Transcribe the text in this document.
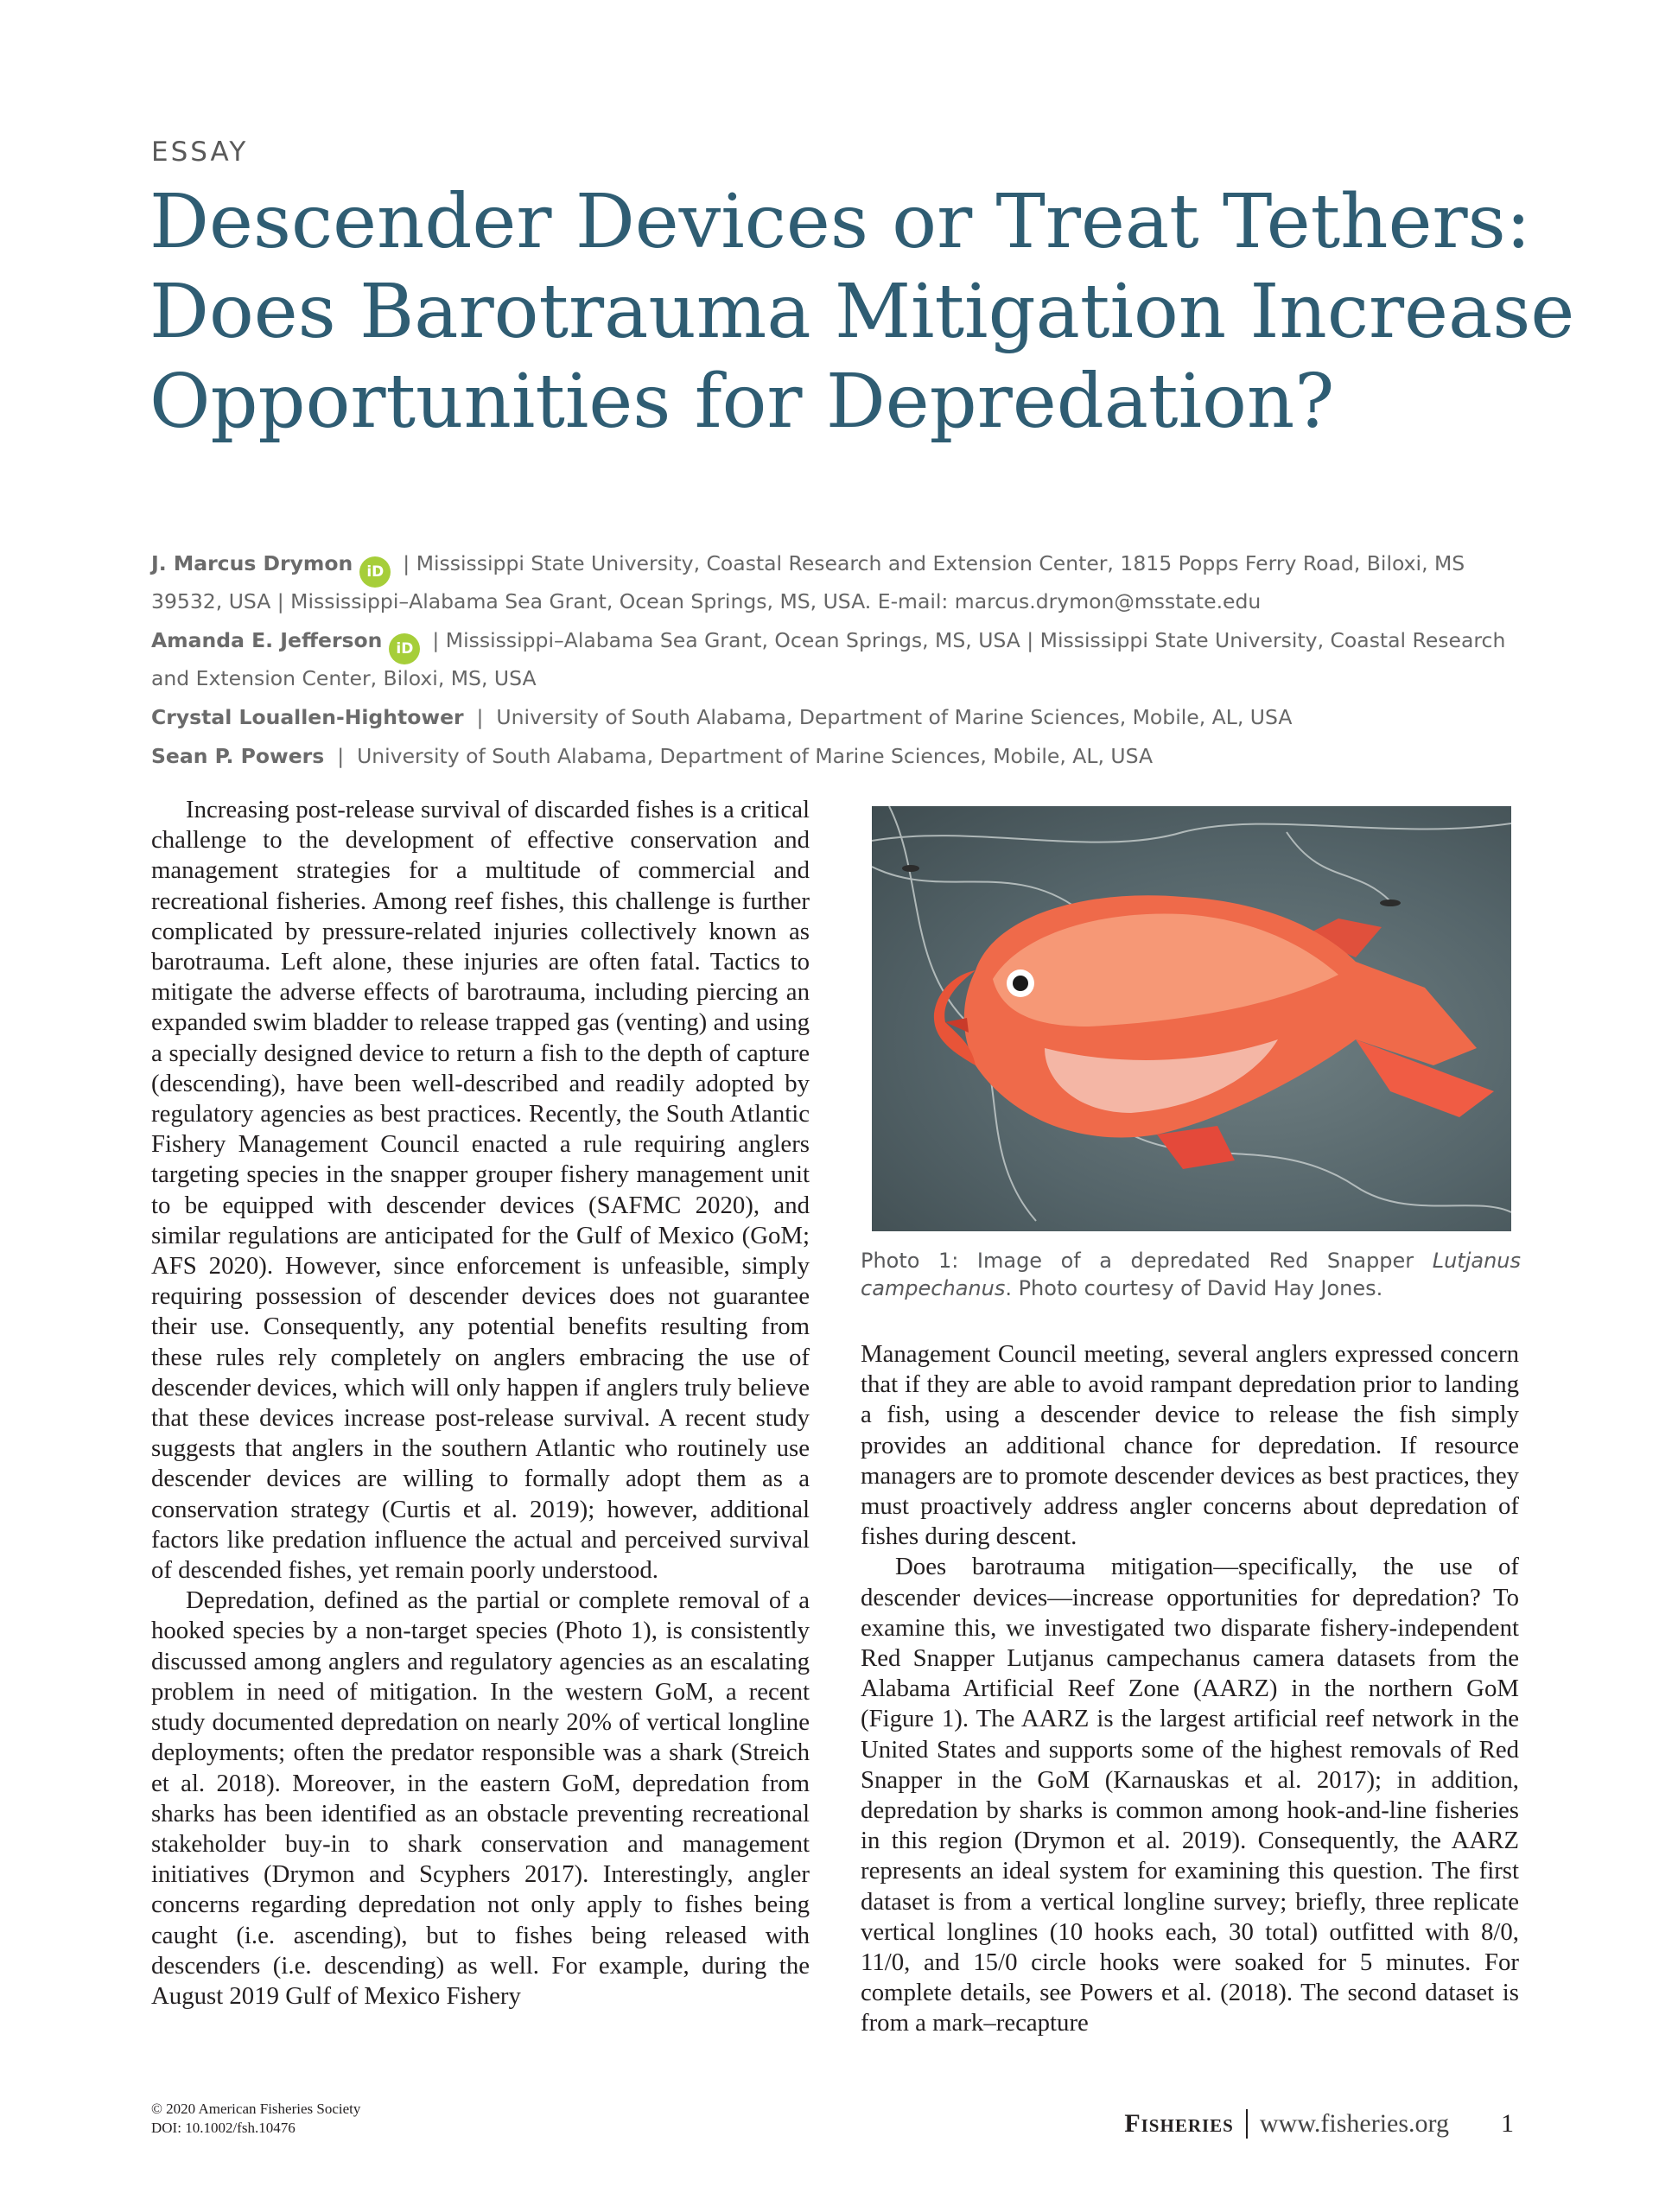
ESSAY
Descender Devices or Treat Tethers: Does Barotrauma Mitigation Increase Opportunities for Depredation?
J. Marcus Drymon iD | Mississippi State University, Coastal Research and Extension Center, 1815 Popps Ferry Road, Biloxi, MS 39532, USA | Mississippi–Alabama Sea Grant, Ocean Springs, MS, USA. E-mail: marcus.drymon@msstate.edu
Amanda E. Jefferson iD | Mississippi–Alabama Sea Grant, Ocean Springs, MS, USA | Mississippi State University, Coastal Research and Extension Center, Biloxi, MS, USA
Crystal Louallen-Hightower  |  University of South Alabama, Department of Marine Sciences, Mobile, AL, USA
Sean P. Powers  |  University of South Alabama, Department of Marine Sciences, Mobile, AL, USA

Increasing post-release survival of discarded fishes is a critical challenge to the development of effective conservation and management strategies for a multitude of commercial and recreational fisheries. Among reef fishes, this challenge is further complicated by pressure-related injuries collectively known as barotrauma. Left alone, these injuries are often fatal. Tactics to mitigate the adverse effects of barotrauma, including piercing an expanded swim bladder to release trapped gas (venting) and using a specially designed device to return a fish to the depth of capture (descending), have been well-described and readily adopted by regulatory agencies as best practices. Recently, the South Atlantic Fishery Management Council enacted a rule requiring anglers targeting species in the snapper grouper fishery management unit to be equipped with descender devices (SAFMC 2020), and similar regulations are anticipated for the Gulf of Mexico (GoM; AFS 2020). However, since enforcement is unfeasible, simply requiring possession of descender devices does not guarantee their use. Consequently, any potential benefits resulting from these rules rely completely on anglers embracing the use of descender devices, which will only happen if anglers truly believe that these devices increase post-release survival. A recent study suggests that anglers in the southern Atlantic who routinely use descender devices are willing to formally adopt them as a conservation strategy (Curtis et al. 2019); however, additional factors like predation influence the actual and perceived survival of descended fishes, yet remain poorly understood.

Depredation, defined as the partial or complete removal of a hooked species by a non-target species (Photo 1), is consistently discussed among anglers and regulatory agencies as an escalating problem in need of mitigation. In the western GoM, a recent study documented depredation on nearly 20% of vertical longline deployments; often the predator responsible was a shark (Streich et al. 2018). Moreover, in the eastern GoM, depredation from sharks has been identified as an obstacle preventing recreational stakeholder buy-in to shark conservation and management initiatives (Drymon and Scyphers 2017). Interestingly, angler concerns regarding depredation not only apply to fishes being caught (i.e. ascending), but to fishes being released with descenders (i.e. descending) as well. For example, during the August 2019 Gulf of Mexico Fishery

Photo 1: Image of a depredated Red Snapper Lutjanus campechanus. Photo courtesy of David Hay Jones.

Management Council meeting, several anglers expressed concern that if they are able to avoid rampant depredation prior to landing a fish, using a descender device to release the fish simply provides an additional chance for depredation. If resource managers are to promote descender devices as best practices, they must proactively address angler concerns about depredation of fishes during descent.

Does barotrauma mitigation—specifically, the use of descender devices—increase opportunities for depredation? To examine this, we investigated two disparate fishery-independent Red Snapper Lutjanus campechanus camera datasets from the Alabama Artificial Reef Zone (AARZ) in the northern GoM (Figure 1). The AARZ is the largest artificial reef network in the United States and supports some of the highest removals of Red Snapper in the GoM (Karnauskas et al. 2017); in addition, depredation by sharks is common among hook-and-line fisheries in this region (Drymon et al. 2019). Consequently, the AARZ represents an ideal system for examining this question. The first dataset is from a vertical longline survey; briefly, three replicate vertical longlines (10 hooks each, 30 total) outfitted with 8/0, 11/0, and 15/0 circle hooks were soaked for 5 minutes. For complete details, see Powers et al. (2018). The second dataset is from a mark–recapture

© 2020 American Fisheries Society
DOI: 10.1002/fsh.10476	Fisheries www.fisheries.org 1
